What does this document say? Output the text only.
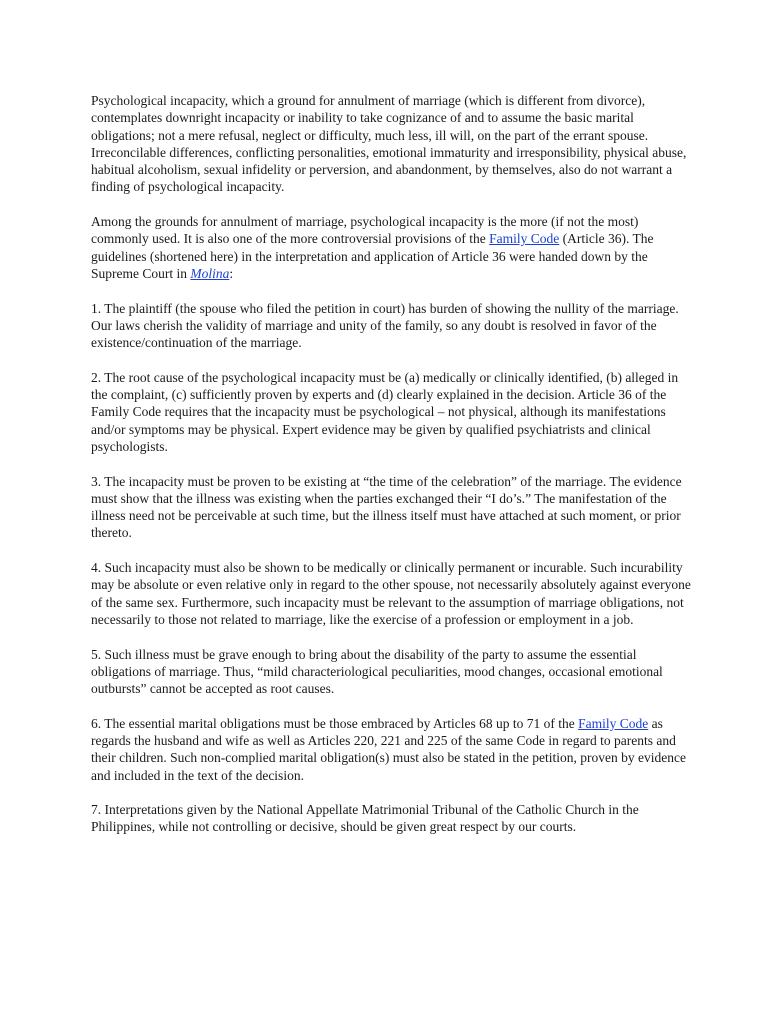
Psychological incapacity, which a ground for annulment of marriage (which is different from divorce), contemplates downright incapacity or inability to take cognizance of and to assume the basic marital obligations; not a mere refusal, neglect or difficulty, much less, ill will, on the part of the errant spouse. Irreconcilable differences, conflicting personalities, emotional immaturity and irresponsibility, physical abuse, habitual alcoholism, sexual infidelity or perversion, and abandonment, by themselves, also do not warrant a finding of psychological incapacity.

Among the grounds for annulment of marriage, psychological incapacity is the more (if not the most) commonly used. It is also one of the more controversial provisions of the Family Code (Article 36). The guidelines (shortened here) in the interpretation and application of Article 36 were handed down by the Supreme Court in Molina:

1. The plaintiff (the spouse who filed the petition in court) has burden of showing the nullity of the marriage. Our laws cherish the validity of marriage and unity of the family, so any doubt is resolved in favor of the existence/continuation of the marriage.

2. The root cause of the psychological incapacity must be (a) medically or clinically identified, (b) alleged in the complaint, (c) sufficiently proven by experts and (d) clearly explained in the decision. Article 36 of the Family Code requires that the incapacity must be psychological – not physical, although its manifestations and/or symptoms may be physical. Expert evidence may be given by qualified psychiatrists and clinical psychologists.

3. The incapacity must be proven to be existing at “the time of the celebration” of the marriage. The evidence must show that the illness was existing when the parties exchanged their “I do’s.” The manifestation of the illness need not be perceivable at such time, but the illness itself must have attached at such moment, or prior thereto.

4. Such incapacity must also be shown to be medically or clinically permanent or incurable. Such incurability may be absolute or even relative only in regard to the other spouse, not necessarily absolutely against everyone of the same sex. Furthermore, such incapacity must be relevant to the assumption of marriage obligations, not necessarily to those not related to marriage, like the exercise of a profession or employment in a job.

5. Such illness must be grave enough to bring about the disability of the party to assume the essential obligations of marriage. Thus, “mild characteriological peculiarities, mood changes, occasional emotional outbursts” cannot be accepted as root causes.

6. The essential marital obligations must be those embraced by Articles 68 up to 71 of the Family Code as regards the husband and wife as well as Articles 220, 221 and 225 of the same Code in regard to parents and their children. Such non-complied marital obligation(s) must also be stated in the petition, proven by evidence and included in the text of the decision.

7. Interpretations given by the National Appellate Matrimonial Tribunal of the Catholic Church in the Philippines, while not controlling or decisive, should be given great respect by our courts.
